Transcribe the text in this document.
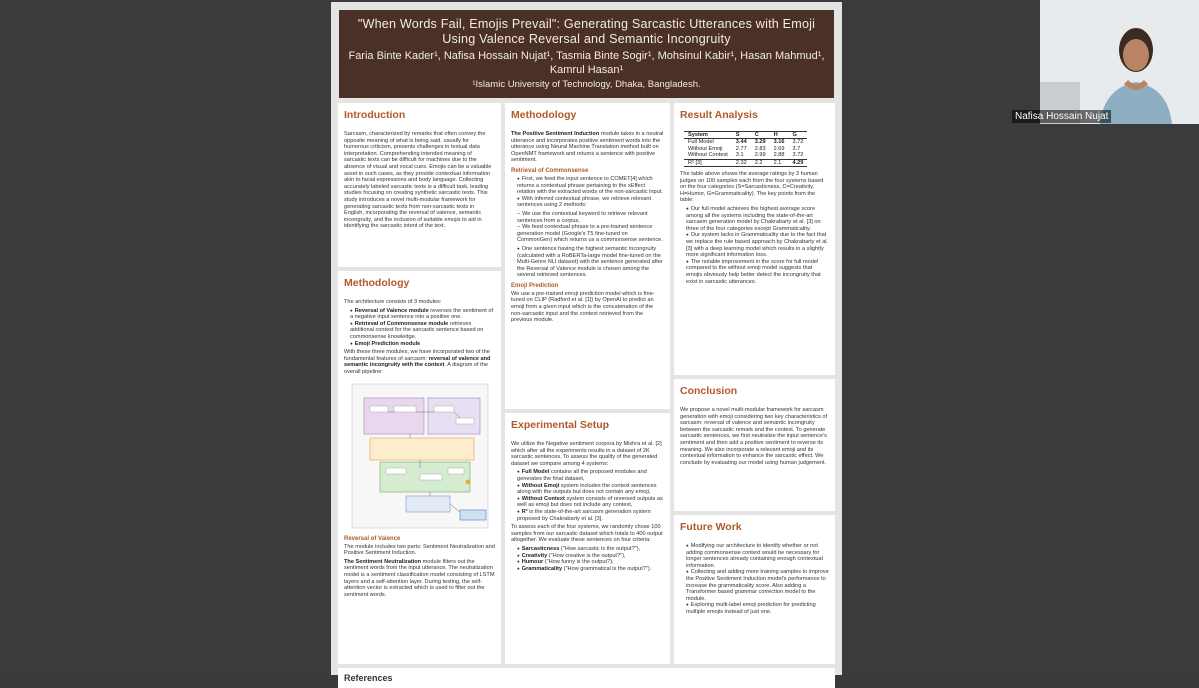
"When Words Fail, Emojis Prevail": Generating Sarcastic Utterances with Emoji Using Valence Reversal and Semantic Incongruity
Faria Binte Kader¹, Nafisa Hossain Nujat¹, Tasmia Binte Sogir¹, Mohsinul Kabir¹, Hasan Mahmud¹, Kamrul Hasan¹
¹Islamic University of Technology, Dhaka, Bangladesh.
Introduction

Sarcasm, characterized by remarks that often convey the opposite meaning of what is being said, usually for humorous criticism, presents challenges in textual data interpretation. Comprehending intended meaning of sarcastic texts can be difficult for machines due to the absence of visual and vocal cues. Emojis can be a valuable asset in such cases, as they provide contextual information akin to facial expressions and body language. Collecting accurately labeled sarcastic texts is a difficult task, leading studies focusing on creating synthetic sarcastic texts. This study introduces a novel multi-modular framework for generating sarcastic texts from non-sarcastic texts in English, incorporating the reversal of valence, semantic incongruity, and the inclusion of suitable emojis to aid in identifying the sarcastic intent of the text.

Methodology

The architecture consists of 3 modules:

● Reversal of Valence module reverses the sentiment of a negative input sentence into a positive one.
● Retrieval of Commonsense module retrieves additional context for the sarcastic sentence based on commonsense knowledge.
● Emoji Prediction module

With these three modules, we have incorporated two of the fundamental features of sarcasm: reversal of valence and semantic incongruity with the context. A diagram of the overall pipeline:

Reversal of Valence

The module includes two parts: Sentiment Neutralization and Positive Sentiment Induction.

The Sentiment Neutralization module filters out the sentiment words from the input utterance. The neutralization model is a sentiment classification model consisting of LSTM layers and a self-attention layer. During testing, the self-attention vector is extracted which is used to filter out the sentiment words.

Methodology

The Positive Sentiment Induction module takes in a neutral utterance and incorporates positive sentiment words into the utterance using Neural Machine Translation method built on OpenNMT framework and returns a sentence with positive sentiment.

Retrieval of Commonsense
● First, we feed the input sentence to COMET[4] which returns a contextual phrase pertaining to the xEffect relation with the extracted words of the non-sarcastic input.
● With inferred contextual phrase, we retrieve relevant sentences using 2 methods:
– We use the contextual keyword to retrieve relevant sentences from a corpus,
– We feed contextual phrase to a pre-trained sentence generation model (Google's T5 fine-tuned on CommonGen) which returns us a commonsense sentence.
● One sentence having the highest semantic incongruity (calculated with a RoBERTa-large model fine-tuned on the Multi-Genre NLI dataset) with the sentence generated after the Reversal of Valence module is chosen among the several retrieved sentences.
Emoji Prediction

We use a pre-trained emoji prediction model which is fine-tuned on CLIP (Radford et al. [1]) by OpenAI to predict an emoji from a given input which is the concatenation of the non-sarcastic input and the context retrieved from the previous module.

Experimental Setup

We utilize the Negative sentiment corpora by Mishra et al. [2] which after all the experiments results in a dataset of 2K sarcastic sentences. To assess the quality of the generated dataset we compare among 4 systems:

● Full Model contains all the proposed modules and generates the final dataset,
● Without Emoji system includes the context sentences along with the outputs but does not contain any emoji,
● Without Context system consists of reversed outputs as well as emoji but does not include any context,
● R³ is the state-of-the-art sarcasm generation system proposed by Chakrabarty et al. [3].

To assess each of the four systems, we randomly chose 100 samples from our sarcastic dataset which totals to 400 output altogether. We evaluate these sentences on four criteria:

● Sarcasticness ("How sarcastic is the output?"),
● Creativity ("How creative is the output?"),
● Humour ("How funny is the output?),
● Grammaticality ("How grammatical is the output?").
Result Analysis
System	S	C	H	G
Full Model	3.44	3.29	3.16	3.72
Without Emoji	2.77	2.83	2.69	3.7
Without Context	3.1	2.99	2.88	3.72
R³ [3]	2.32	2.2	2.1	4.29

The table above shows the average ratings by 3 human judges on 100 samples each from the four systems based on the four categories (S=Sarcasticness, C=Creativity, H=Humor, G=Grammaticality). The key points from the table:

● Our full model achieves the highest average score among all the systems including the state-of-the-art sarcasm generation model by Chakrabarty et al. [3] on three of the four categories except Grammaticality.
● Our system lacks in Grammaticality due to the fact that we replace the rule based approach by Chakrabarty et al. [3] with a deep learning model which results in a slightly more significant information loss.
● The notable improvement in the score for full model compared to the without emoji model suggests that emojis obviously help better detect the incongruity that exist in sarcastic utterances.
Conclusion

We propose a novel multi-modular framework for sarcasm generation with emoji considering two key characteristics of sarcasm: reversal of valence and semantic incongruity between the sarcastic remark and the context. To generate sarcastic sentences, we first neutralize the input sentence's sentiment and then add a positive sentiment to reverse its meaning. We also incorporate a relevant emoji and its contextual information to enhance the sarcastic effect. We conclude by evaluating our model using human judgement.

Future Work
● Modifying our architecture to identify whether or not adding commonsense context would be necessary for longer sentences already containing enough contextual information.
● Collecting and adding more training samples to improve the Positive Sentiment Induction model's performance to increase the grammaticality score. Also adding a Transformer based grammar correction model to the module.
● Exploring multi-label emoji prediction for predicting multiple emojis instead of just one.
References
Nafisa Hossain Nujat
